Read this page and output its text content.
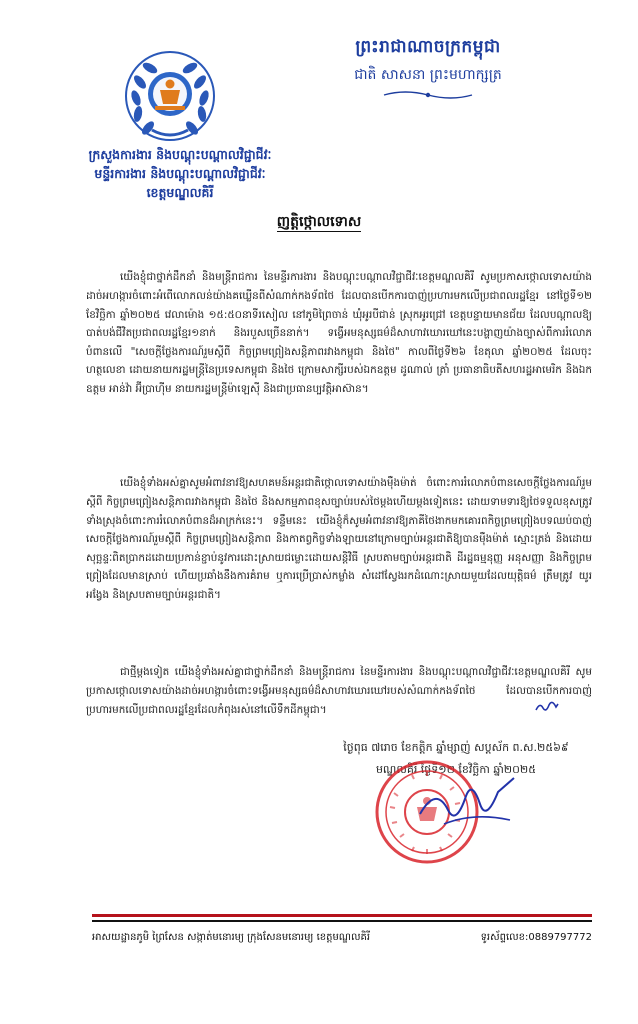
ព្រះរាជាណាចក្រកម្ពុជា
ជាតិ សាសនា ព្រះមហាក្សត្រ
ក្រសួងការងារ និងបណ្តុះបណ្តាលវិជ្ជាជីវៈ
មន្ទីរការងារ និងបណ្តុះបណ្តាលវិជ្ជាជីវៈ
ខេត្តមណ្ឌលគិរី
ញត្តិថ្កោលទោស

យើងខ្ញុំជាថ្នាក់ដឹកនាំ និងមន្ត្រីរាជការ នៃមន្ទីរការងារ និងបណ្តុះបណ្តាលវិជ្ជាជីវៈខេត្តមណ្ឌលគិរី សូមប្រកាសថ្កោលទោសយ៉ាងដាច់អហង្ការចំពោះអំពើលោភលន់យ៉ាងគឃ្លើនពីសំណាក់កងទ័ពថៃ ដែលបានបើកការបាញ់ប្រហារមកលើប្រជាពលរដ្ឋខ្មែរ នៅថ្ងៃទី១២ ខែវិច្ឆិកា ឆ្នាំ២០២៥ វេលាម៉ោង ១៥:៥០នាទីរសៀល នៅភូមិព្រៃចាន់ ឃុំអូរបីជាន់ ស្រុកអូរជ្រៅ ខេត្តបន្ទាយមានជ័យ ដែលបណ្តាលឱ្យបាត់បង់ជីវិតប្រជាពលរដ្ឋខ្មែរ១នាក់ និងរបួសច្រើននាក់។ ទង្វើអមនុស្សធម៌ដ៏សាហាវឃោរឃៅនេះបង្ហាញយ៉ាងច្បាស់ពីការរំលោភបំពានលើ "សេចក្តីថ្លែងការណ៍រួមស្តីពី កិច្ចព្រមព្រៀងសន្តិភាពរវាងកម្ពុជា និងថៃ" កាលពីថ្ងៃទី២៦ ខែតុលា ឆ្នាំ២០២៥ ដែលចុះហត្ថលេខា ដោយនាយករដ្ឋមន្ត្រីនៃប្រទេសកម្ពុជា និងថៃ ក្រោមសាក្សីរបស់ឯកឧត្តម ដូណាល់ ត្រាំ ប្រធានាធិបតីសហរដ្ឋអាមេរិក និងឯកឧត្តម អាន់វ៉ា អ៊ីប្រាហ៊ីម នាយករដ្ឋមន្ត្រីម៉ាឡេស៊ី និងជាប្រធានប្បវត្តិអាស៊ាន។

យើងខ្ញុំទាំងអស់គ្នាសូមអំពាវនាវឱ្យសហគមន៍អន្តរជាតិថ្កោលទោសយ៉ាងម៉ឺងម៉ាត់ ចំពោះការរំលោភបំពានសេចក្តីថ្លែងការណ៍រួមស្តីពី កិច្ចព្រមព្រៀងសន្តិភាពរវាងកម្ពុជា និងថៃ និងសកម្មភាពខុសច្បាប់របស់ថៃម្តងហើយម្តងទៀតនេះ ដោយទាមទារឱ្យថៃទទួលខុសត្រូវទាំងស្រុងចំពោះការរំលោភបំពានដ៏អាក្រក់នេះ។ ទន្ទឹមនេះ យើងខ្ញុំក៏សូមអំពាវនាវឱ្យភាគីថៃងាកមកគោរពកិច្ចព្រមព្រៀងបទឈប់បាញ់ សេចក្តីថ្លែងការណ៍រួមស្តីពី កិច្ចព្រមព្រៀងសន្តិភាព និងកាតព្វកិច្ចទាំងឡាយនៅក្រោមច្បាប់អន្តរជាតិឱ្យបានម៉ឺងម៉ាត់ ស្មោះត្រង់ និងដោយសុច្ឆន្ទៈពិតប្រាកដដោយប្រកាន់ខ្ជាប់នូវការដោះស្រាយជម្លោះដោយសន្តិវិធី ស្របតាមច្បាប់អន្តរជាតិ ដីរដ្ឋធម្មនុញ្ញ អនុសញ្ញា និងកិច្ចព្រមព្រៀងដែលមានស្រាប់ ហើយប្រឆាំងនឹងការគំរាម ឬការប្រើប្រាស់កម្លាំង សំដៅស្វែងរកដំណោះស្រាយមួយដែលយុត្តិធម៌ ត្រឹមត្រូវ យូរអង្វែង និងស្របតាមច្បាប់អន្តរជាតិ។

ជាថ្មីម្តងទៀត យើងខ្ញុំទាំងអស់គ្នាជាថ្នាក់ដឹកនាំ និងមន្ត្រីរាជការ នៃមន្ទីរការងារ និងបណ្តុះបណ្តាលវិជ្ជាជីវៈខេត្តមណ្ឌលគិរី សូមប្រកាសថ្កោលទោសយ៉ាងដាច់អហង្ការចំពោះទង្វើអមនុស្សធម៌ដ៏សាហាវឃោរឃៅរបស់សំណាក់កងទ័ពថៃ ដែលបានបើកការបាញ់ប្រហារមកលើប្រជាពលរដ្ឋខ្មែរដែលកំពុងរស់នៅលើទឹកដីកម្ពុជា។

ថ្ងៃពុធ ៧រោច ខែកត្តិក ឆ្នាំម្សាញ់ សប្តស័ក ព.ស.២៥៦៩
មណ្ឌលគិរី ថ្ងៃទី១២ ខែវិច្ឆិកា ឆ្នាំ២០២៥
អាសយដ្ឋានភូមិ ព្រៃសែន សង្កាត់មនោរម្យ ក្រុងសែនមនោរម្យ ខេត្តមណ្ឌលគិរី	ទូរស័ព្ទលេខ:0889797772
